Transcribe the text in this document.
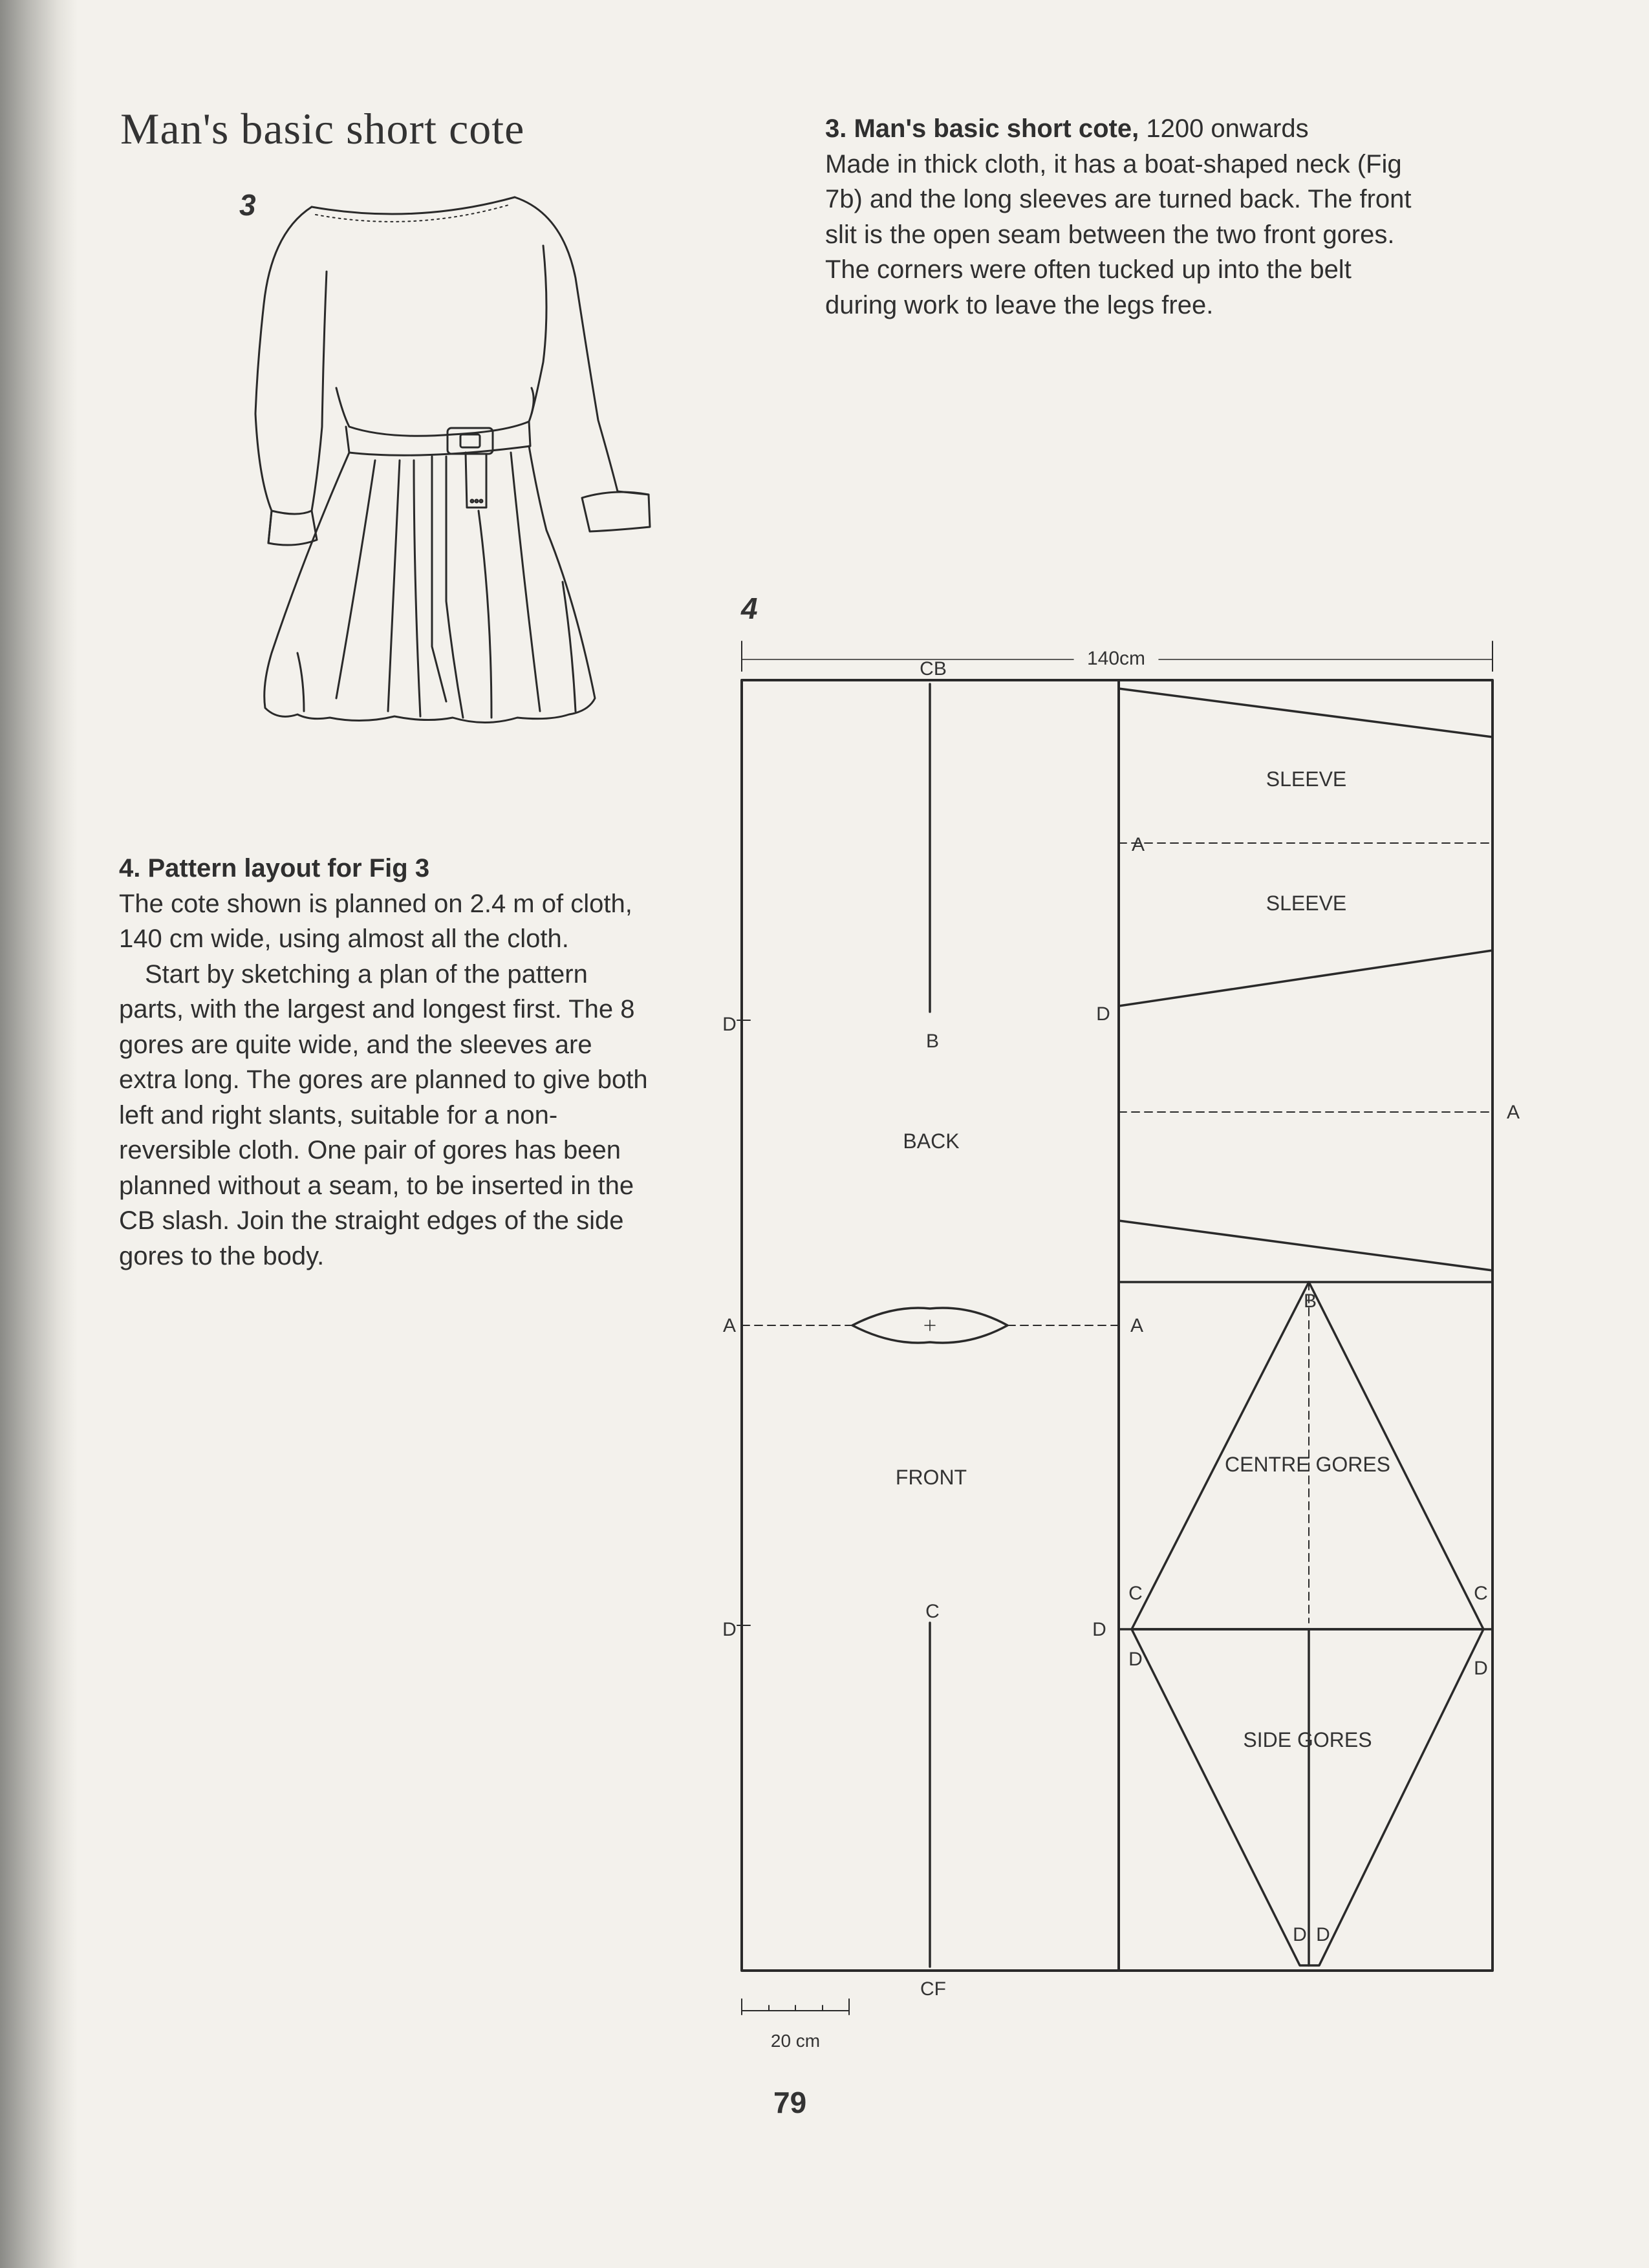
Man's basic short cote
3

3. Man's basic short cote, 1200 onwards

Made in thick cloth, it has a boat-shaped neck (Fig

7b) and the long sleeves are turned back. The front

slit is the open seam between the two front gores.

The corners were often tucked up into the belt

during work to leave the legs free.

4. Pattern layout for Fig 3

The cote shown is planned on 2.4 m of cloth, 140 cm wide, using almost all the cloth.

Start by sketching a plan of the pattern parts, with the largest and longest first. The 8 gores are quite wide, and the sleeves are extra long. The gores are planned to give both left and right slants, suitable for a non-reversible cloth. One pair of gores has been planned without a seam, to be inserted in the CB slash. Join the straight edges of the side gores to the body.

4
140cm
CB
CF
BACK
FRONT
SLEEVE
SLEEVE
CENTRE GORES
SIDE GORES
20 cm
D
D
D
D
D	D
D D
A	A
A
A
B
B
C
C	C
79
